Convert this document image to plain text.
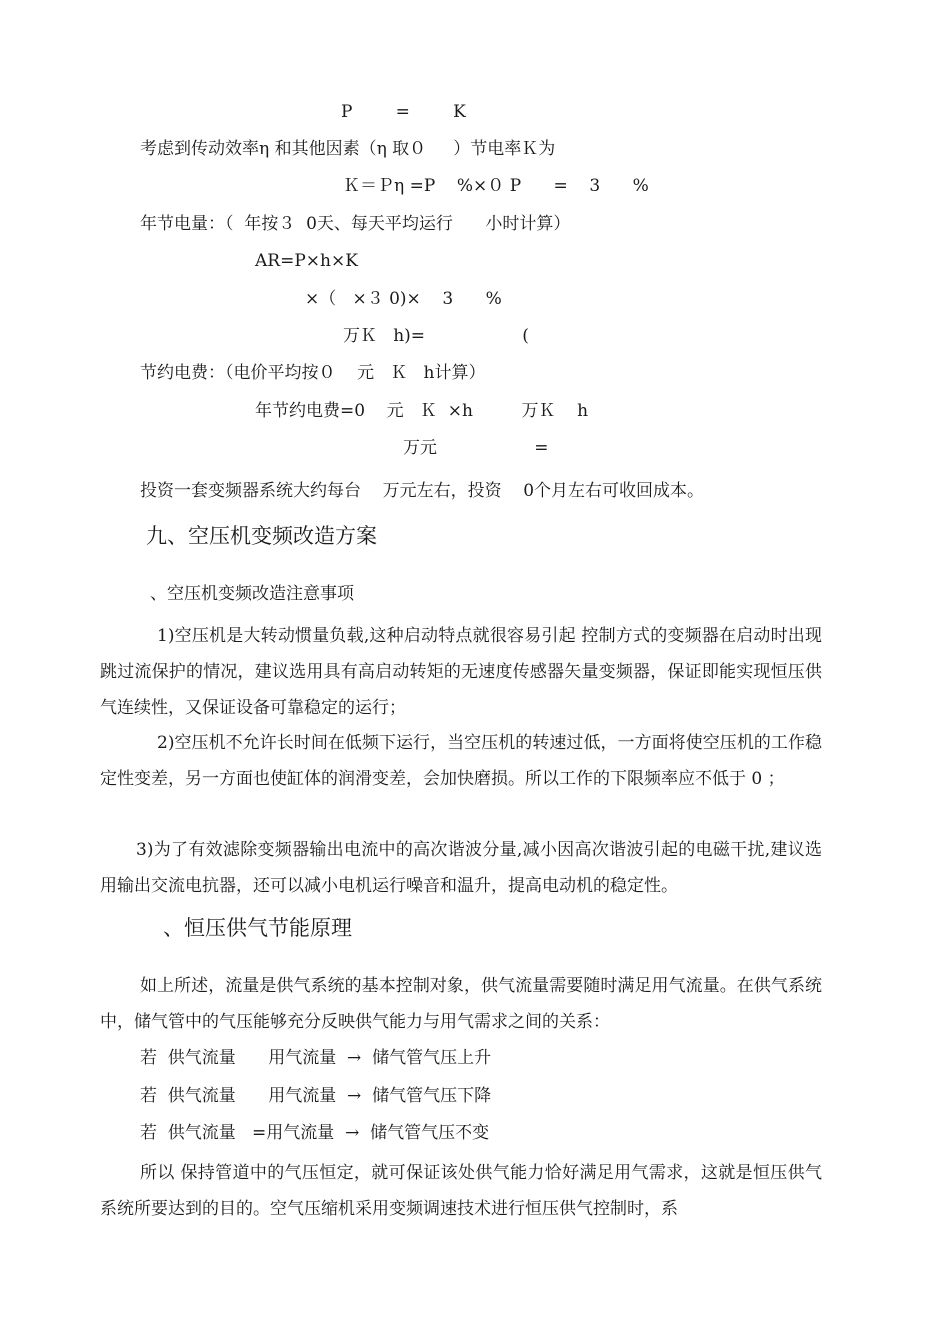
P        =        K
考虑到传动效率η 和其他因素（η 取０     ）节电率Ｋ为
Ｋ＝Ｐη =P    %×０ P      =    3      %
年节电量：（  年按３  0天、每天平均运行      小时计算）
AR=P×h×K
×（   ×３ 0)×    3      %
万Ｋ   h)=                  (
节约电费：（电价平均按０    元   Ｋ   h计算）
年节约电费=0    元   Ｋ  ×h         万Ｋ    h
万元                  =
投资一套变频器系统大约每台    万元左右，投资    0个月左右可收回成本。
九、空压机变频改造方案
、空压机变频改造注意事项
1)空压机是大转动惯量负载,这种启动特点就很容易引起 控制方式的变频器在启动时出现跳过流保护的情况，建议选用具有高启动转矩的无速度传感器矢量变频器，保证即能实现恒压供气连续性，又保证设备可靠稳定的运行；
2)空压机不允许长时间在低频下运行，当空压机的转速过低，一方面将使空压机的工作稳定性变差，另一方面也使缸体的润滑变差，会加快磨损。所以工作的下限频率应不低于 0 ；
3)为了有效滤除变频器输出电流中的高次谐波分量,减小因高次谐波引起的电磁干扰,建议选用输出交流电抗器，还可以减小电机运行噪音和温升，提高电动机的稳定性。
、恒压供气节能原理
如上所述，流量是供气系统的基本控制对象，供气流量需要随时满足用气流量。在供气系统中，储气管中的气压能够充分反映供气能力与用气需求之间的关系：
若  供气流量      用气流量  →  储气管气压上升
若  供气流量      用气流量  →  储气管气压下降
若  供气流量   =用气流量  →  储气管气压不变
所以 保持管道中的气压恒定，就可保证该处供气能力恰好满足用气需求，这就是恒压供气系统所要达到的目的。空气压缩机采用变频调速技术进行恒压供气控制时，系
